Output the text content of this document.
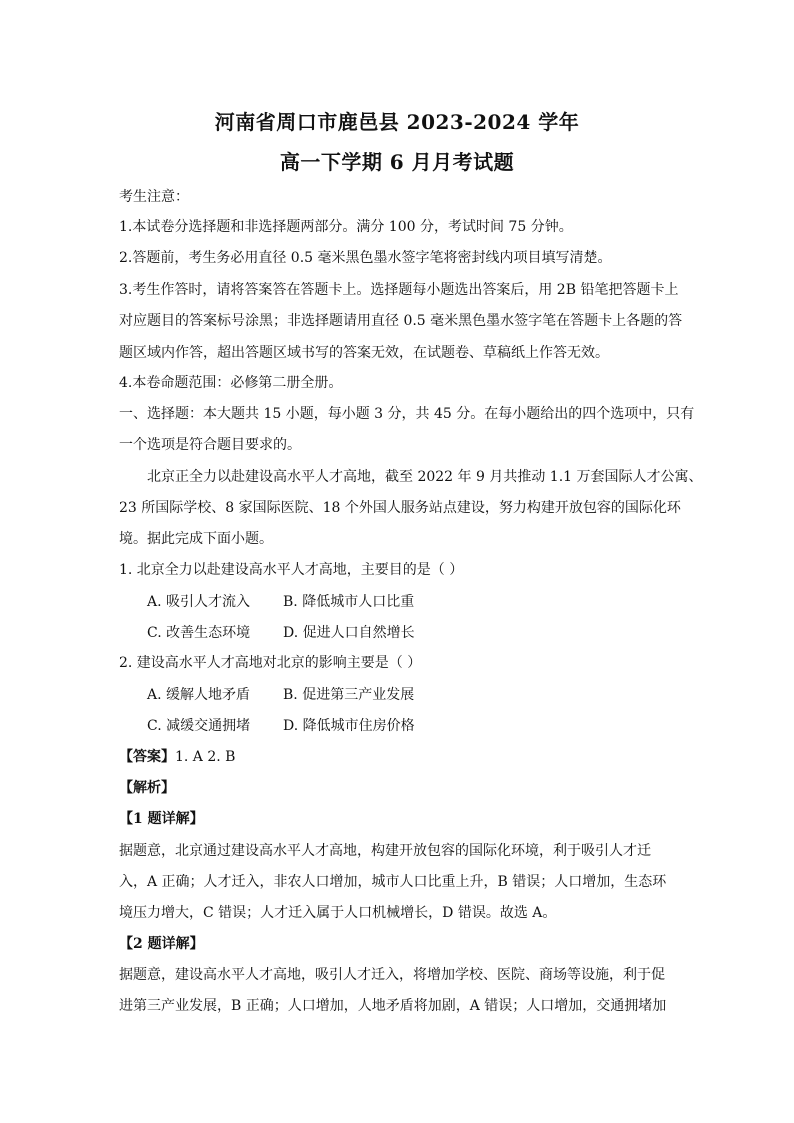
河南省周口市鹿邑县 2023-2024 学年
高一下学期 6 月月考试题
考生注意：
1.本试卷分选择题和非选择题两部分。满分 100 分，考试时间 75 分钟。
2.答题前，考生务必用直径 0.5 毫米黑色墨水签字笔将密封线内项目填写清楚。
3.考生作答时，请将答案答在答题卡上。选择题每小题选出答案后，用 2B 铅笔把答题卡上
对应题目的答案标号涂黑；非选择题请用直径 0.5 毫米黑色墨水签字笔在答题卡上各题的答
题区域内作答，超出答题区域书写的答案无效，在试题卷、草稿纸上作答无效。
4.本卷命题范围：必修第二册全册。
一、选择题：本大题共 15 小题，每小题 3 分，共 45 分。在每小题给出的四个选项中，只有
一个选项是符合题目要求的。
北京正全力以赴建设高水平人才高地，截至 2022 年 9 月共推动 1.1 万套国际人才公寓、
23 所国际学校、8 家国际医院、18 个外国人服务站点建设，努力构建开放包容的国际化环
境。据此完成下面小题。
1. 北京全力以赴建设高水平人才高地，主要目的是（ ）
A. 吸引人才流入 B. 降低城市人口比重
C. 改善生态环境 D. 促进人口自然增长
2. 建设高水平人才高地对北京的影响主要是（ ）
A. 缓解人地矛盾 B. 促进第三产业发展
C. 减缓交通拥堵 D. 降低城市住房价格
【答案】1. A 2. B
【解析】
【1 题详解】
据题意，北京通过建设高水平人才高地，构建开放包容的国际化环境，利于吸引人才迁
入，A 正确；人才迁入，非农人口增加，城市人口比重上升，B 错误；人口增加，生态环
境压力增大，C 错误；人才迁入属于人口机械增长，D 错误。故选 A。
【2 题详解】
据题意，建设高水平人才高地，吸引人才迁入，将增加学校、医院、商场等设施，利于促
进第三产业发展，B 正确；人口增加，人地矛盾将加剧，A 错误；人口增加，交通拥堵加
